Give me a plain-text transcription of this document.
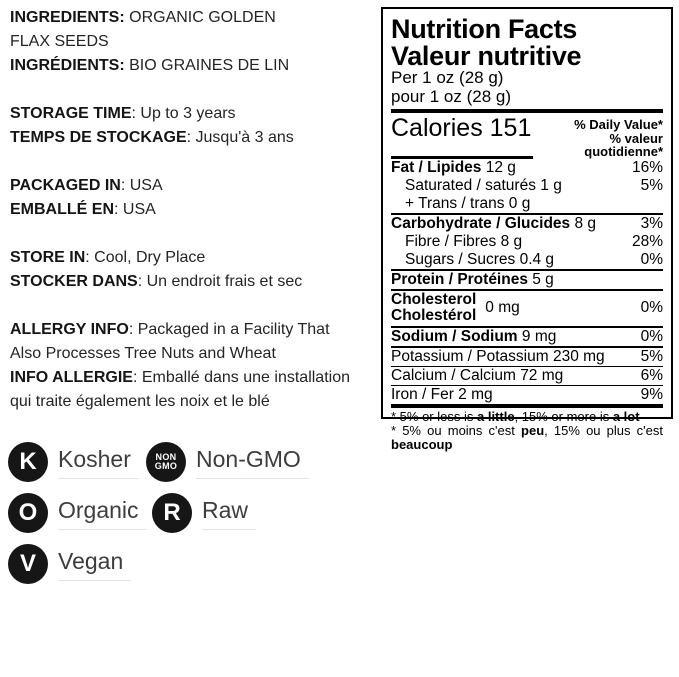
INGREDIENTS: ORGANIC GOLDEN
FLAX SEEDS
INGRÉDIENTS: BIO GRAINES DE LIN
STORAGE TIME: Up to 3 years
TEMPS DE STOCKAGE: Jusqu'à 3 ans
PACKAGED IN: USA
EMBALLÉ EN: USA
STORE IN: Cool, Dry Place
STOCKER DANS: Un endroit frais et sec
ALLERGY INFO: Packaged in a Facility That
Also Processes Tree Nuts and Wheat
INFO ALLERGIE: Emballé dans une installation
qui traite également les noix et le blé
Nutrition Facts
Valeur nutritive
Per 1 oz (28 g)
pour 1 oz (28 g)
Calories 151	% Daily Value*
% valeur quotidienne*
Fat / Lipides 12 g	16%
Saturated / saturés 1 g	5%
+ Trans / trans 0 g
Carbohydrate / Glucides 8 g	3%
Fibre / Fibres 8 g	28%
Sugars / Sucres 0.4 g	0%
Protein / Protéines 5 g
Cholesterol
Cholestérol 0 mg	0%
Sodium / Sodium 9 mg	0%
Potassium / Potassium 230 mg 5%
Calcium / Calcium 72 mg	6%
Iron / Fer 2 mg	9%

* 5% or less is a little, 15% or more is a lot

* 5% ou moins c'est peu, 15% ou plus c'est beaucoup

K Kosher	NON
GMO Non-GMO
O Organic	R Raw
V Vegan
